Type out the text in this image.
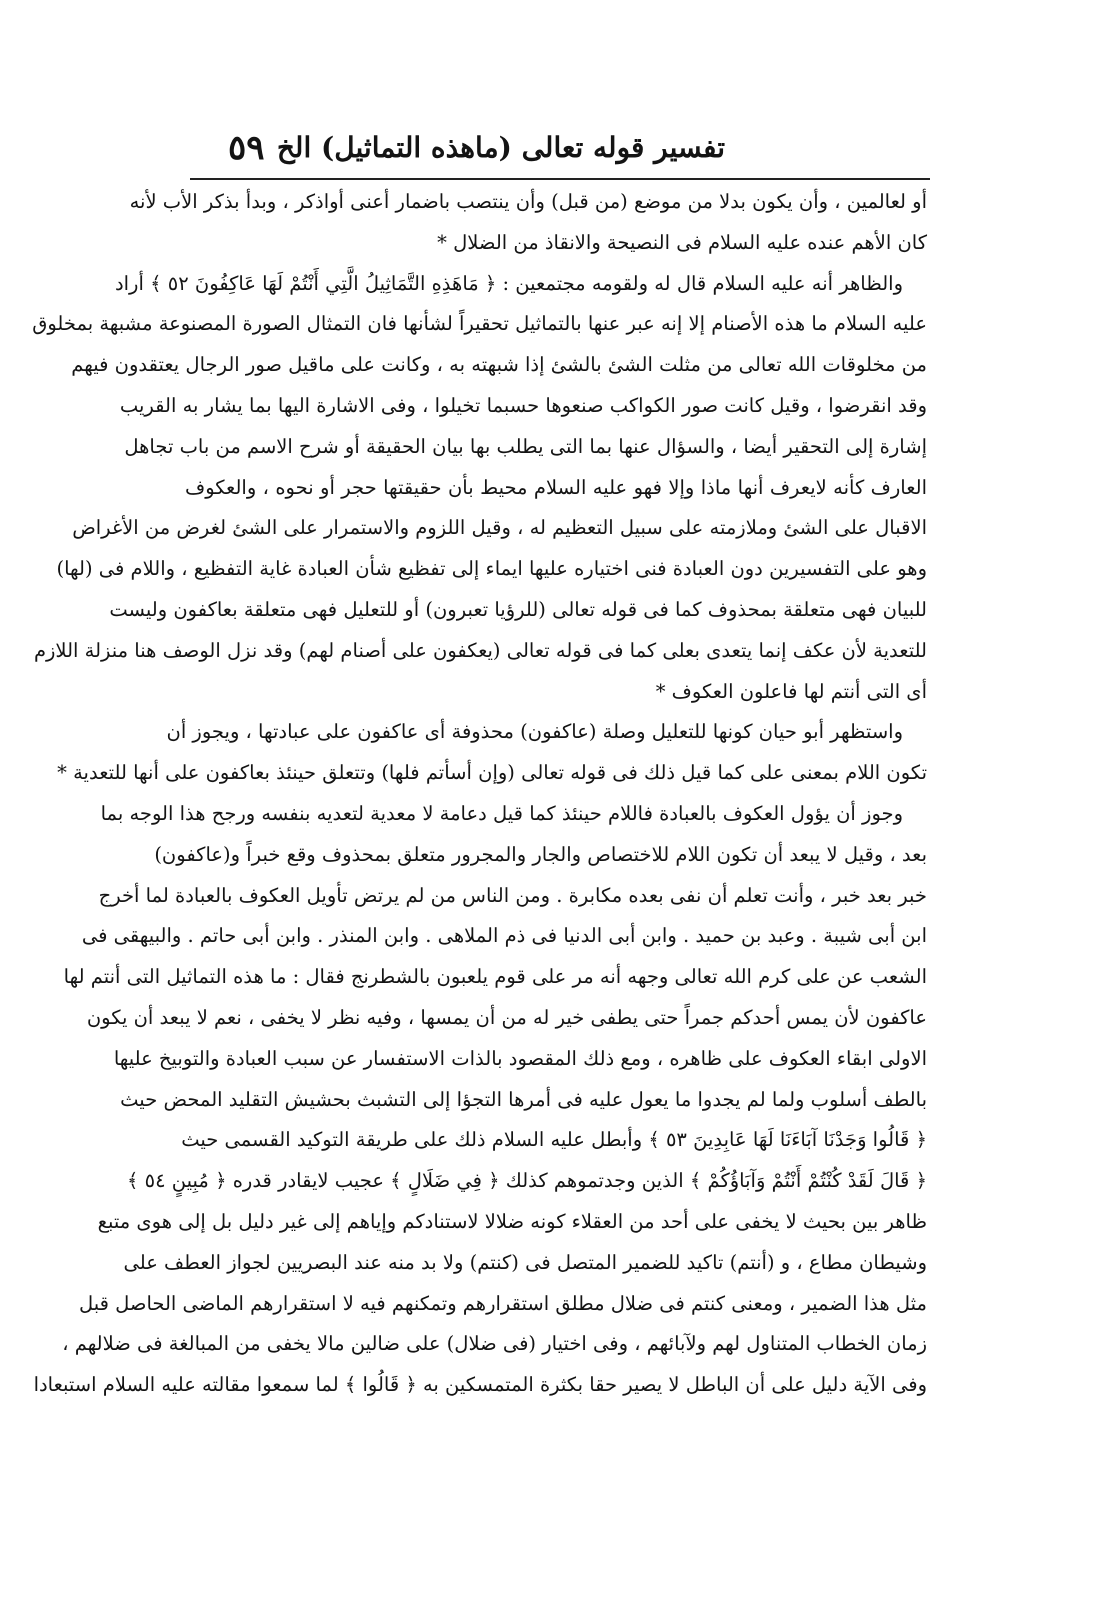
تفسير قوله تعالى (ماهذه التماثيل) الخ
٥٩
أو لعالمين ، وأن يكون بدلا من موضع (من قبل) وأن ينتصب باضمار أعنى أواذكر ، وبدأ بذكر الأب لأنه
كان الأهم عنده عليه السلام فى النصيحة والانقاذ من الضلال *
والظاهر أنه عليه السلام قال له ولقومه مجتمعين : ﴿ مَاهَذِهِ التَّمَاثِيلُ الَّتِي أَنْتُمْ لَهَا عَاكِفُونَ ٥٢ ﴾ أراد
عليه السلام ما هذه الأصنام إلا إنه عبر عنها بالتماثيل تحقيراً لشأنها فان التمثال الصورة المصنوعة مشبهة بمخلوق
من مخلوقات الله تعالى من مثلت الشئ بالشئ إذا شبهته به ، وكانت على ماقيل صور الرجال يعتقدون فيهم
وقد انقرضوا ، وقيل كانت صور الكواكب صنعوها حسبما تخيلوا ، وفى الاشارة اليها بما يشار به القريب
إشارة إلى التحقير أيضا ، والسؤال عنها بما التى يطلب بها بيان الحقيقة أو شرح الاسم من باب تجاهل
العارف كأنه لايعرف أنها ماذا وإلا فهو عليه السلام محيط بأن حقيقتها حجر أو نحوه ، والعكوف
الاقبال على الشئ وملازمته على سبيل التعظيم له ، وقيل اللزوم والاستمرار على الشئ لغرض من الأغراض
وهو على التفسيرين دون العبادة فنى اختياره عليها ايماء إلى تفظيع شأن العبادة غاية التفظيع ، واللام فى (لها)
للبيان فهى متعلقة بمحذوف كما فى قوله تعالى (للرؤيا تعبرون) أو للتعليل فهى متعلقة بعاكفون وليست
للتعدية لأن عكف إنما يتعدى بعلى كما فى قوله تعالى (يعكفون على أصنام لهم) وقد نزل الوصف هنا منزلة اللازم
أى التى أنتم لها فاعلون العكوف *
واستظهر أبو حيان كونها للتعليل وصلة (عاكفون) محذوفة أى عاكفون على عبادتها ، ويجوز أن
تكون اللام بمعنى على كما قيل ذلك فى قوله تعالى (وإن أسأتم فلها) وتتعلق حينئذ بعاكفون على أنها للتعدية *
وجوز أن يؤول العكوف بالعبادة فاللام حينئذ كما قيل دعامة لا معدية لتعديه بنفسه ورجح هذا الوجه بما
بعد ، وقيل لا يبعد أن تكون اللام للاختصاص والجار والمجرور متعلق بمحذوف وقع خبراً و(عاكفون)
خبر بعد خبر ، وأنت تعلم أن نفى بعده مكابرة . ومن الناس من لم يرتض تأويل العكوف بالعبادة لما أخرج
ابن أبى شيبة . وعبد بن حميد . وابن أبى الدنيا فى ذم الملاهى . وابن المنذر . وابن أبى حاتم . والبيهقى فى
الشعب عن على كرم الله تعالى وجهه أنه مر على قوم يلعبون بالشطرنج فقال : ما هذه التماثيل التى أنتم لها
عاكفون لأن يمس أحدكم جمراً حتى يطفى خير له من أن يمسها ، وفيه نظر لا يخفى ، نعم لا يبعد أن يكون
الاولى ابقاء العكوف على ظاهره ، ومع ذلك المقصود بالذات الاستفسار عن سبب العبادة والتوبيخ عليها
بالطف أسلوب ولما لم يجدوا ما يعول عليه فى أمرها التجؤا إلى التشبث بحشيش التقليد المحض حيث
﴿ قَالُوا وَجَدْنَا آبَاءَنَا لَهَا عَابِدِينَ ٥٣ ﴾ وأبطل عليه السلام ذلك على طريقة التوكيد القسمى حيث
﴿ قَالَ لَقَدْ كُنْتُمْ أَنْتُمْ وَآبَاؤُكُمْ ﴾ الذين وجدتموهم كذلك ﴿ فِي ضَلَالٍ ﴾ عجيب لايقادر قدره ﴿ مُبِينٍ ٥٤ ﴾
ظاهر بين بحيث لا يخفى على أحد من العقلاء كونه ضلالا لاستنادكم وإياهم إلى غير دليل بل إلى هوى متبع
وشيطان مطاع ، و (أنتم) تاكيد للضمير المتصل فى (كنتم) ولا بد منه عند البصريين لجواز العطف على
مثل هذا الضمير ، ومعنى كنتم فى ضلال مطلق استقرارهم وتمكنهم فيه لا استقرارهم الماضى الحاصل قبل
زمان الخطاب المتناول لهم ولآبائهم ، وفى اختيار (فى ضلال) على ضالين مالا يخفى من المبالغة فى ضلالهم ،
وفى الآية دليل على أن الباطل لا يصير حقا بكثرة المتمسكين به ﴿ قَالُوا ﴾ لما سمعوا مقالته عليه السلام استبعادا
